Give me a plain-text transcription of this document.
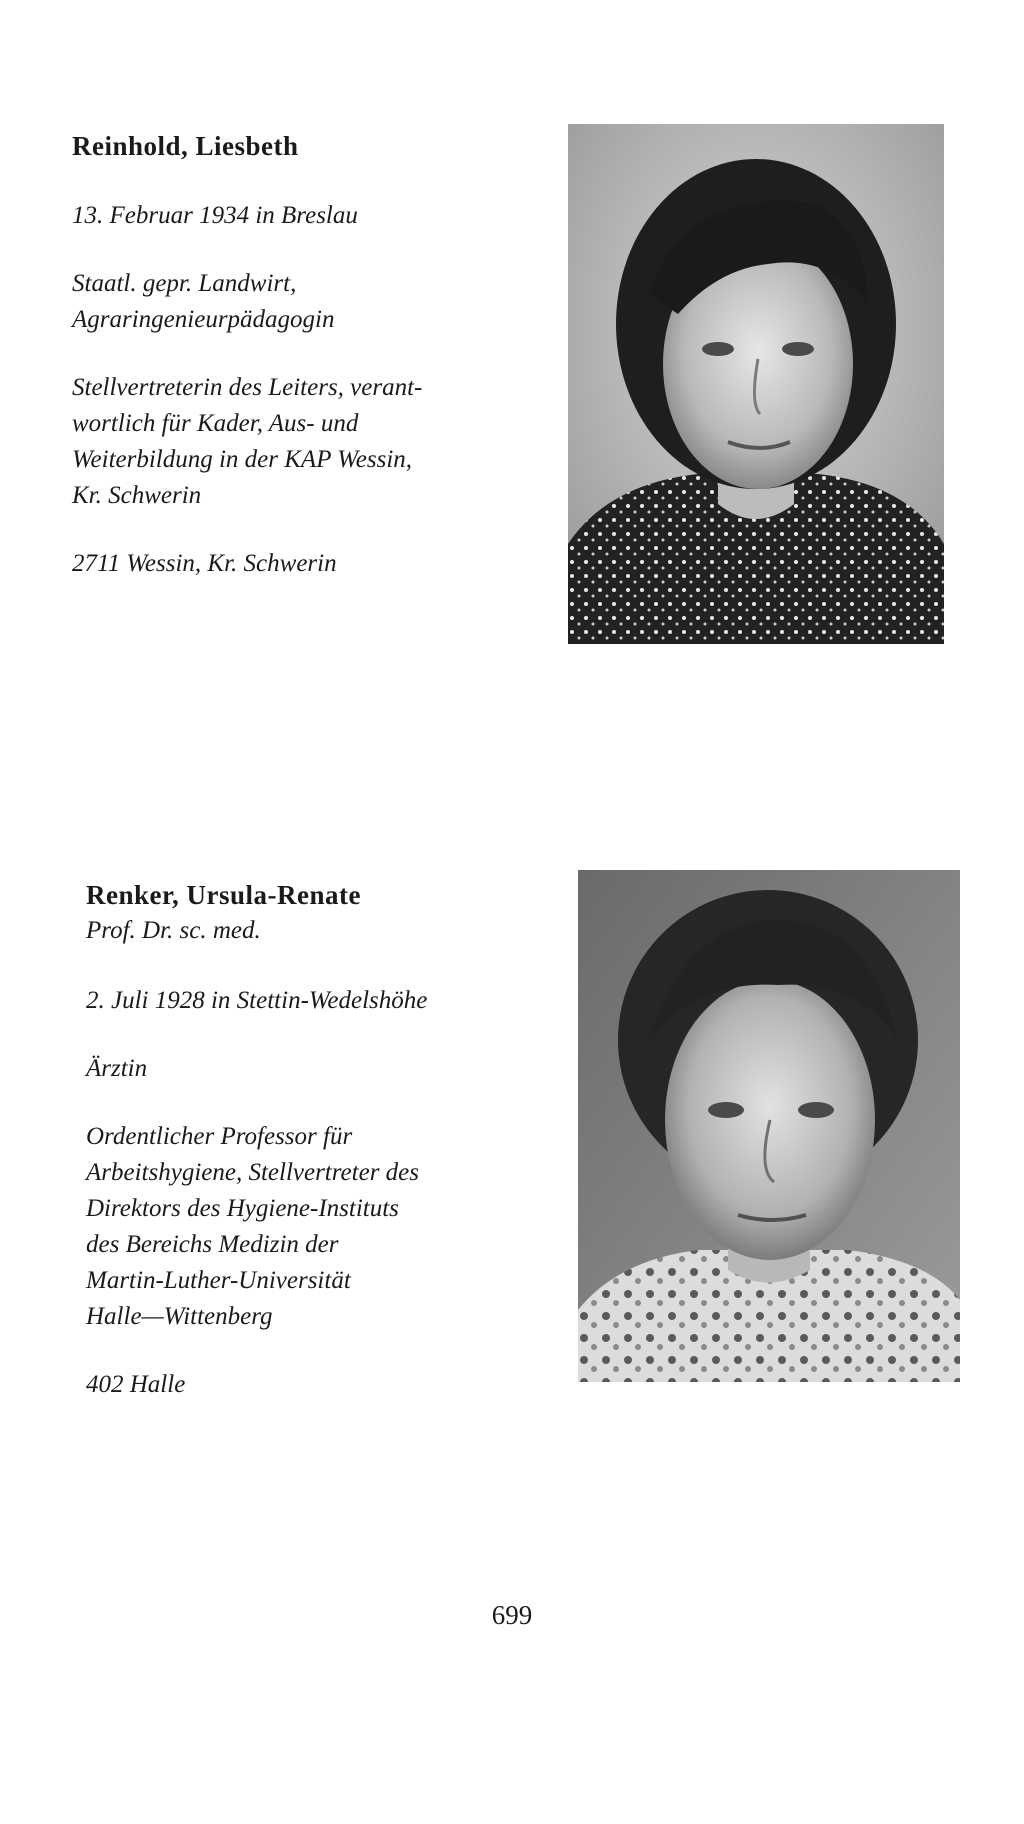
Reinhold, Liesbeth

13. Februar 1934 in Breslau

Staatl. gepr. Landwirt,
Agraringenieurpädagogin

Stellvertreterin des Leiters, verant-
wortlich für Kader, Aus- und
Weiterbildung in der KAP Wessin,
Kr. Schwerin

2711 Wessin, Kr. Schwerin

Renker, Ursula-Renate

Prof. Dr. sc. med.

2. Juli 1928 in Stettin-Wedelshöhe

Ärztin

Ordentlicher Professor für
Arbeitshygiene, Stellvertreter des
Direktors des Hygiene-Instituts
des Bereichs Medizin der
Martin-Luther-Universität
Halle—Wittenberg

402 Halle

699
